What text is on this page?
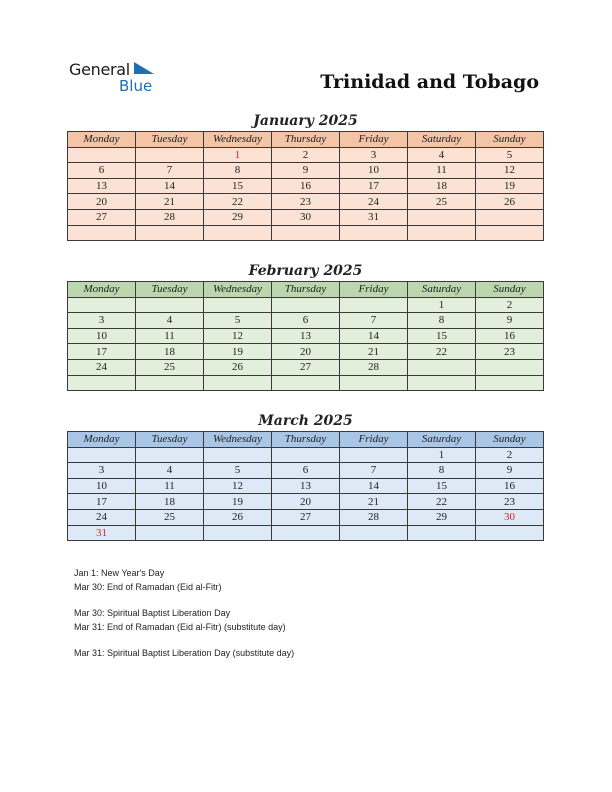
General
Blue	Trinidad and Tobago
January 2025
Monday	Tuesday	Wednesday	Thursday	Friday	Saturday	Sunday
		1	2	3	4	5
6	7	8	9	10	11	12
13	14	15	16	17	18	19
20	21	22	23	24	25	26
27	28	29	30	31		

February 2025
Monday	Tuesday	Wednesday	Thursday	Friday	Saturday	Sunday
					1	2
3	4	5	6	7	8	9
10	11	12	13	14	15	16
17	18	19	20	21	22	23
24	25	26	27	28		

March 2025
Monday	Tuesday	Wednesday	Thursday	Friday	Saturday	Sunday
					1	2
3	4	5	6	7	8	9
10	11	12	13	14	15	16
17	18	19	20	21	22	23
24	25	26	27	28	29	30
31						
Jan 1: New Year's Day
Mar 30: End of Ramadan (Eid al-Fitr)
Mar 30: Spiritual Baptist Liberation Day
Mar 31: End of Ramadan (Eid al-Fitr) (substitute day)
Mar 31: Spiritual Baptist Liberation Day (substitute day)
